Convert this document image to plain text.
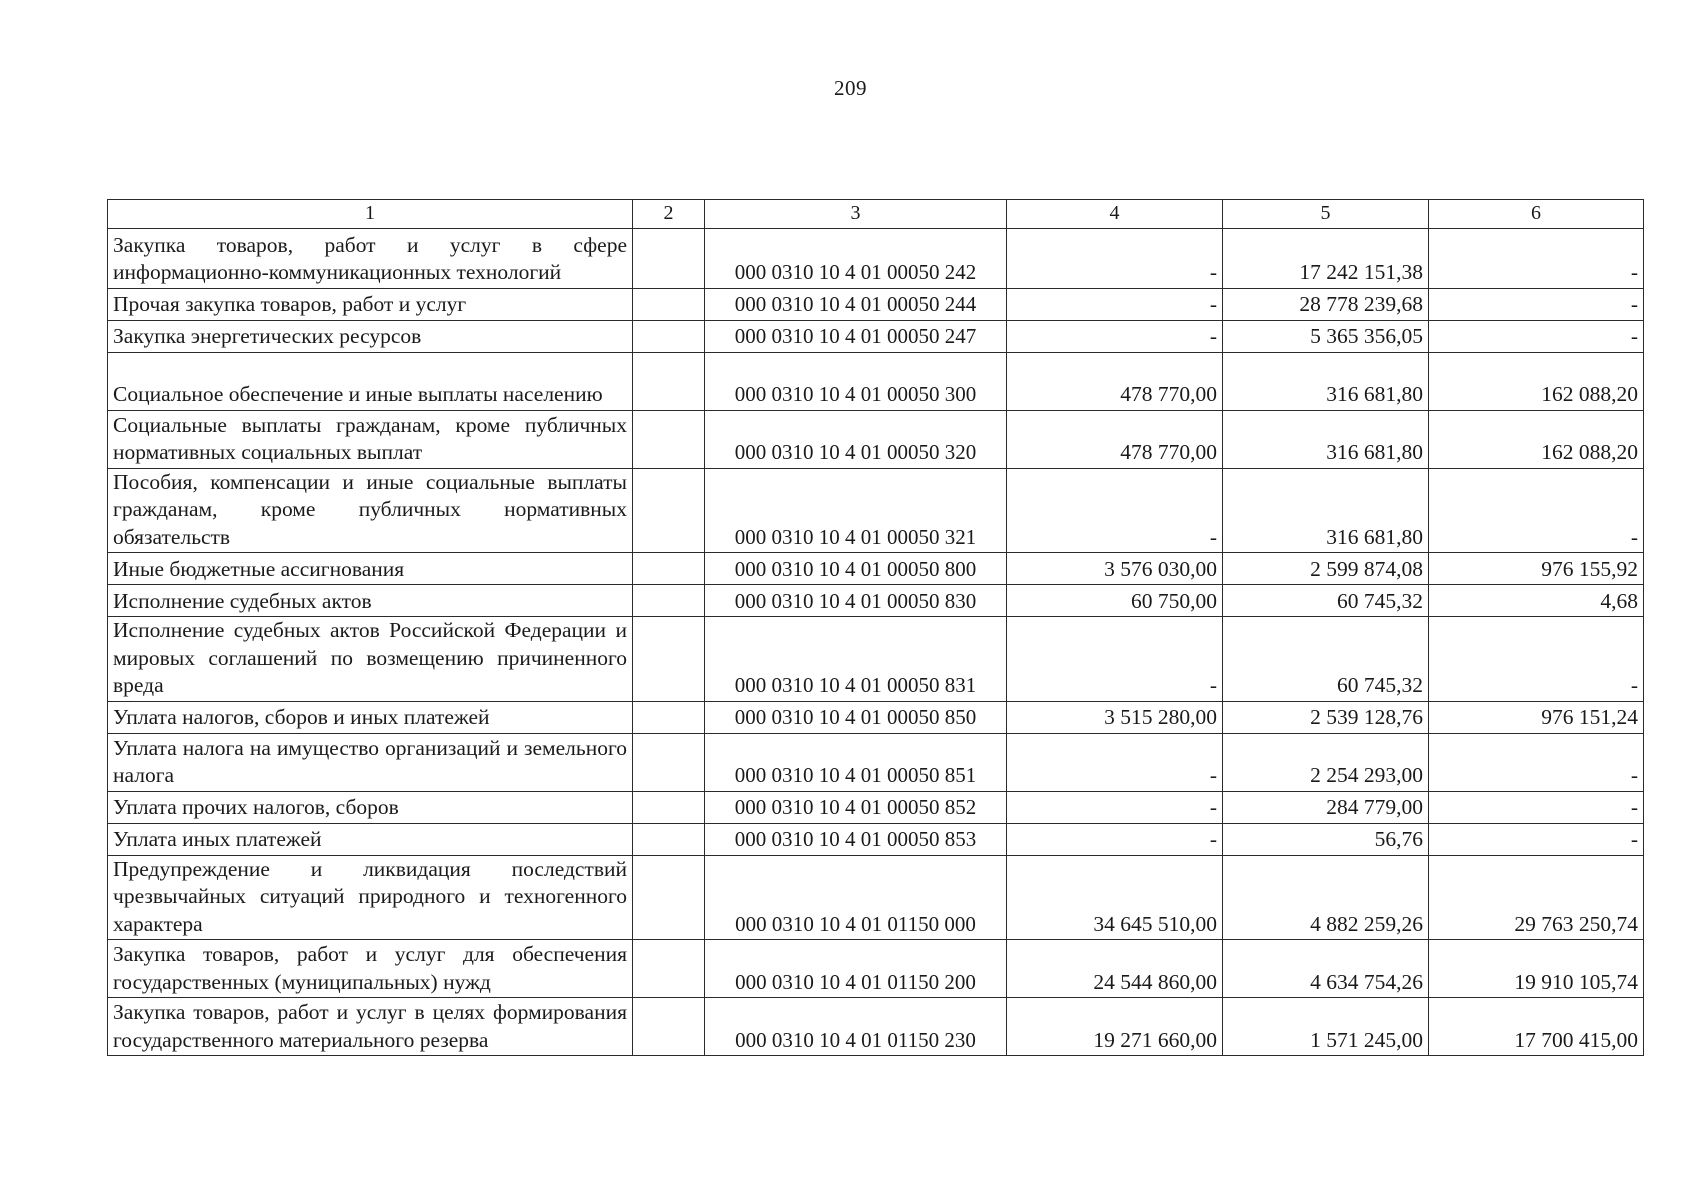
209
1	2	3	4	5	6
Закупка товаров, работ и услуг в сфере информационно-коммуникационных технологий		000 0310 10 4 01 00050 242	-	17 242 151,38	-
Прочая закупка товаров, работ и услуг		000 0310 10 4 01 00050 244	-	28 778 239,68	-
Закупка энергетических ресурсов		000 0310 10 4 01 00050 247	-	5 365 356,05	-
Социальное обеспечение и иные выплаты населению		000 0310 10 4 01 00050 300	478 770,00	316 681,80	162 088,20
Социальные выплаты гражданам, кроме публичных нормативных социальных выплат		000 0310 10 4 01 00050 320	478 770,00	316 681,80	162 088,20
Пособия, компенсации и иные социальные выплаты гражданам, кроме публичных нормативных обязательств		000 0310 10 4 01 00050 321	-	316 681,80	-
Иные бюджетные ассигнования		000 0310 10 4 01 00050 800	3 576 030,00	2 599 874,08	976 155,92
Исполнение судебных актов		000 0310 10 4 01 00050 830	60 750,00	60 745,32	4,68
Исполнение судебных актов Российской Федерации и мировых соглашений по возмещению причиненного вреда		000 0310 10 4 01 00050 831	-	60 745,32	-
Уплата налогов, сборов и иных платежей		000 0310 10 4 01 00050 850	3 515 280,00	2 539 128,76	976 151,24
Уплата налога на имущество организаций и земельного налога		000 0310 10 4 01 00050 851	-	2 254 293,00	-
Уплата прочих налогов, сборов		000 0310 10 4 01 00050 852	-	284 779,00	-
Уплата иных платежей		000 0310 10 4 01 00050 853	-	56,76	-
Предупреждение и ликвидация последствий чрезвычайных ситуаций природного и техногенного характера		000 0310 10 4 01 01150 000	34 645 510,00	4 882 259,26	29 763 250,74
Закупка товаров, работ и услуг для обеспечения государственных (муниципальных) нужд		000 0310 10 4 01 01150 200	24 544 860,00	4 634 754,26	19 910 105,74
Закупка товаров, работ и услуг в целях формирования государственного материального резерва		000 0310 10 4 01 01150 230	19 271 660,00	1 571 245,00	17 700 415,00
